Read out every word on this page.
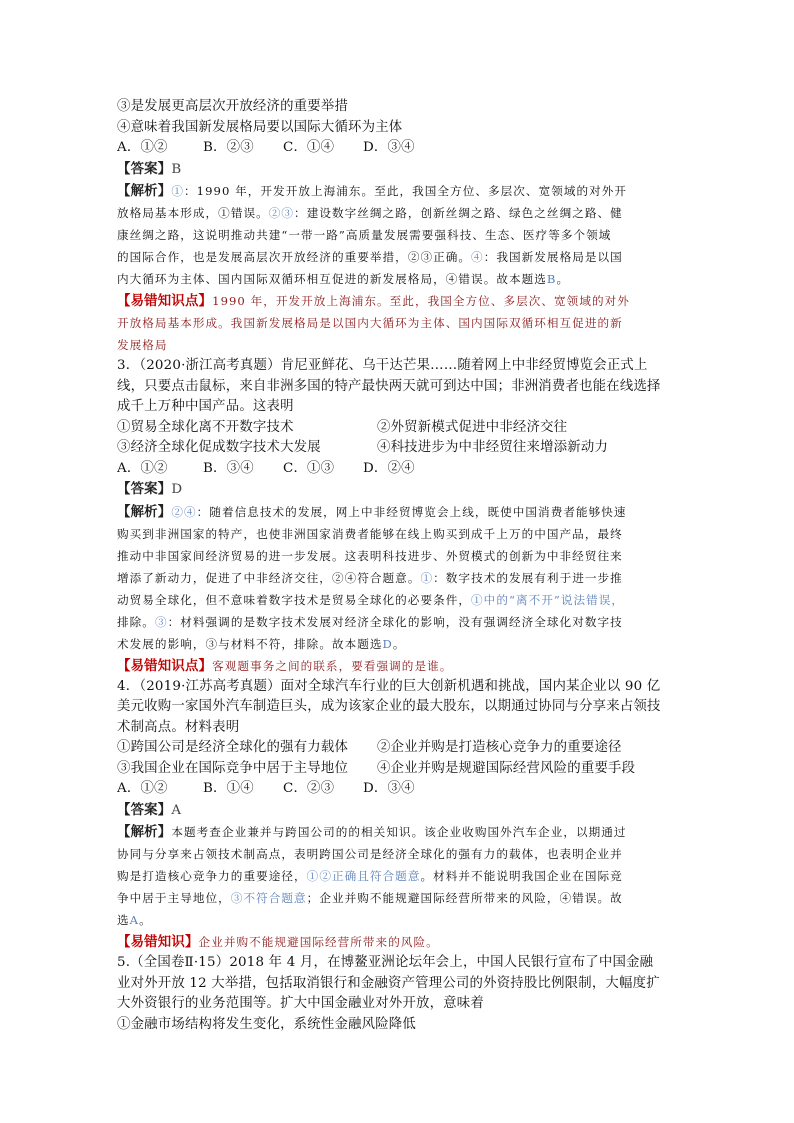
③是发展更高层次开放经济的重要举措

④意味着我国新发展格局要以国际大循环为主体

A．①②	B．②③	C．①④	D．③④

【答案】B

【解析】①：1990 年，开发开放上海浦东。至此，我国全方位、多层次、宽领域的对外开

放格局基本形成，①错误。②③：建设数字丝绸之路，创新丝绸之路、绿色之丝绸之路、健

康丝绸之路，这说明推动共建“一带一路”高质量发展需要强科技、生态、医疗等多个领域

的国际合作，也是发展高层次开放经济的重要举措，②③正确。④：我国新发展格局是以国

内大循环为主体、国内国际双循环相互促进的新发展格局，④错误。故本题选B。

【易错知识点】1990 年，开发开放上海浦东。至此，我国全方位、多层次、宽领域的对外

开放格局基本形成。我国新发展格局是以国内大循环为主体、国内国际双循环相互促进的新

发展格局

3．（2020·浙江高考真题）肯尼亚鲜花、乌干达芒果……随着网上中非经贸博览会正式上

线，只要点击鼠标，来自非洲多国的特产最快两天就可到达中国；非洲消费者也能在线选择

成千上万种中国产品。这表明

①贸易全球化离不开数字技术	②外贸新模式促进中非经济交往

③经济全球化促成数字技术大发展	④科技进步为中非经贸往来增添新动力

A．①②	B．③④	C．①③	D．②④

【答案】D

【解析】②④：随着信息技术的发展，网上中非经贸博览会上线，既使中国消费者能够快速

购买到非洲国家的特产，也使非洲国家消费者能够在线上购买到成千上万的中国产品，最终

推动中非国家间经济贸易的进一步发展。这表明科技进步、外贸模式的创新为中非经贸往来

增添了新动力，促进了中非经济交往，②④符合题意。①：数字技术的发展有利于进一步推

动贸易全球化，但不意味着数字技术是贸易全球化的必要条件，①中的“离不开”说法错误，

排除。③：材料强调的是数字技术发展对经济全球化的影响，没有强调经济全球化对数字技

术发展的影响，③与材料不符，排除。故本题选D。

【易错知识点】客观题事务之间的联系，要看强调的是谁。

4．（2019·江苏高考真题）面对全球汽车行业的巨大创新机遇和挑战，国内某企业以 90 亿

美元收购一家国外汽车制造巨头，成为该家企业的最大股东，以期通过协同与分享来占领技

术制高点。材料表明

①跨国公司是经济全球化的强有力载体	②企业并购是打造核心竞争力的重要途径

③我国企业在国际竞争中居于主导地位	④企业并购是规避国际经营风险的重要手段

A．①②	B．①④	C．②③	D．③④

【答案】A

【解析】本题考查企业兼并与跨国公司的的相关知识。该企业收购国外汽车企业，以期通过

协同与分享来占领技术制高点，表明跨国公司是经济全球化的强有力的载体，也表明企业并

购是打造核心竞争力的重要途径，①②正确且符合题意。材料并不能说明我国企业在国际竞

争中居于主导地位，③不符合题意；企业并购不能规避国际经营所带来的风险，④错误。故

选A。

【易错知识】企业并购不能规避国际经营所带来的风险。

5.（全国卷Ⅱ·15）2018 年 4 月，在博鳌亚洲论坛年会上，中国人民银行宣布了中国金融

业对外开放 12 大举措，包括取消银行和金融资产管理公司的外资持股比例限制，大幅度扩

大外资银行的业务范围等。扩大中国金融业对外开放，意味着

①金融市场结构将发生变化，系统性金融风险降低
